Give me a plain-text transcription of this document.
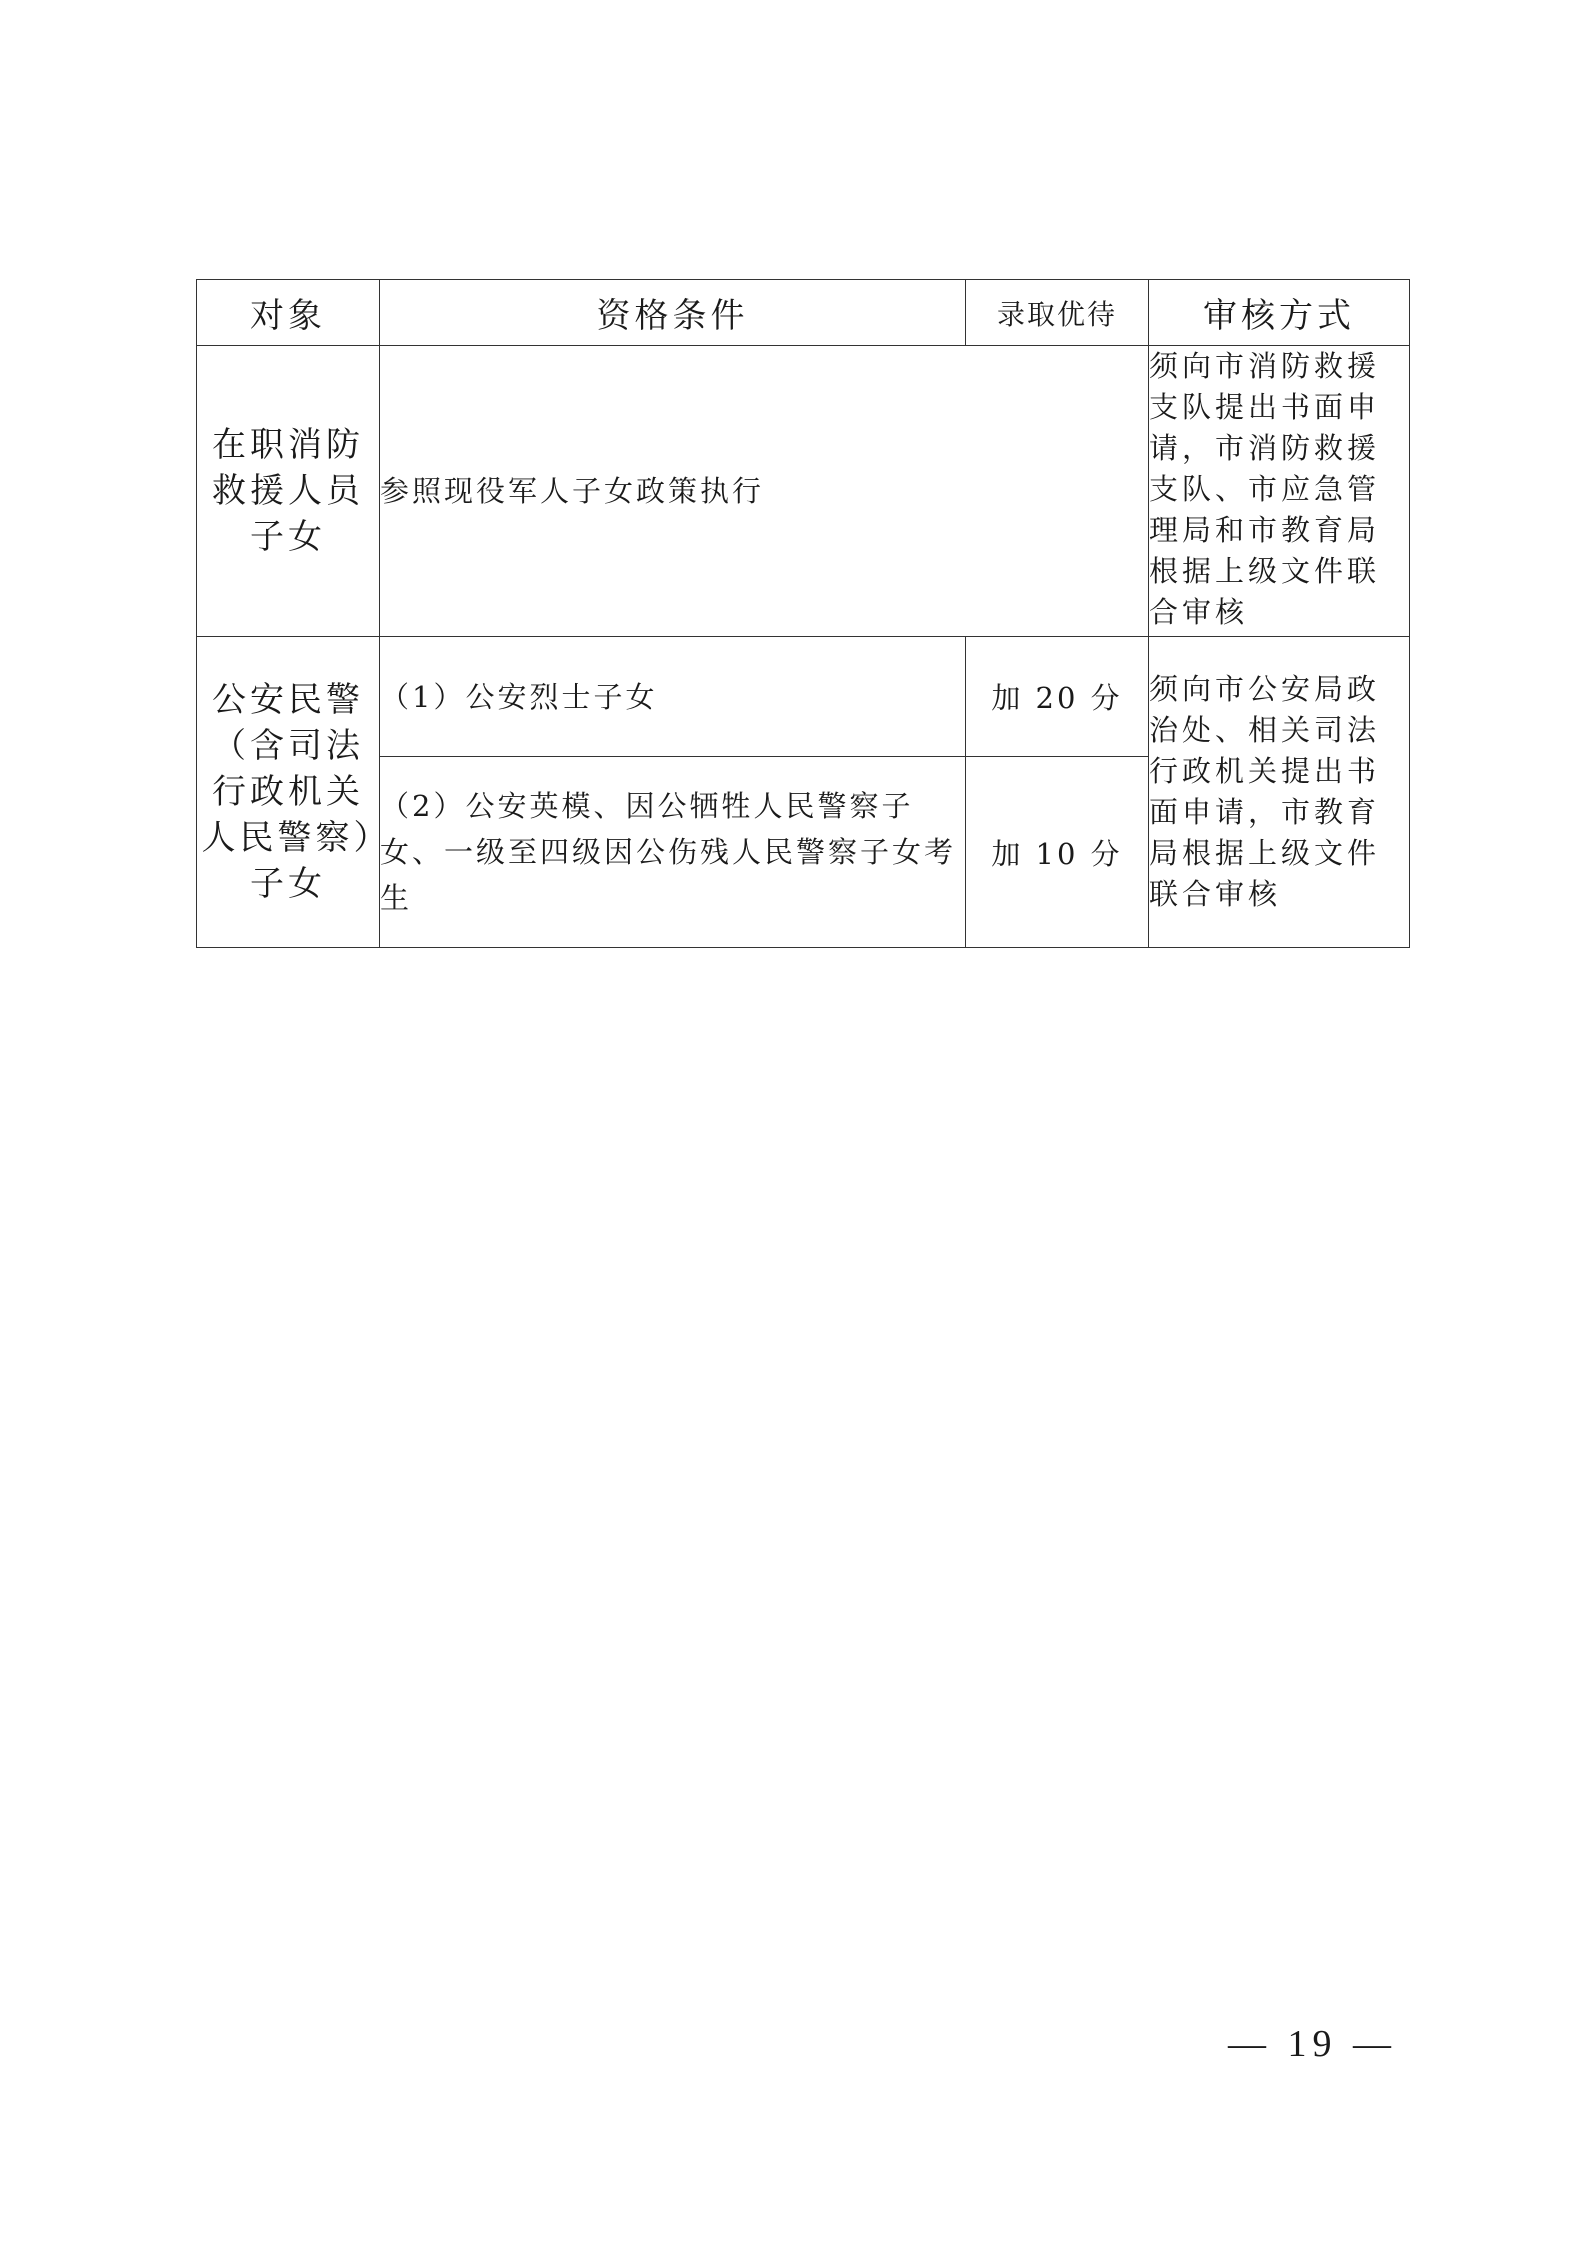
对象	资格条件	录取优待	审核方式
在职消防救援人员子女	参照现役军人子女政策执行		须向市消防救援支队提出书面申请，市消防救援支队、市应急管理局和市教育局根据上级文件联合审核
公安民警（含司法行政机关人民警察）子女	（1）公安烈士子女	加 20 分	须向市公安局政治处、相关司法行政机关提出书面申请，市教育局根据上级文件联合审核
	（2）公安英模、因公牺牲人民警察子女、一级至四级因公伤残人民警察子女考生	加 10 分	
— 19 —
